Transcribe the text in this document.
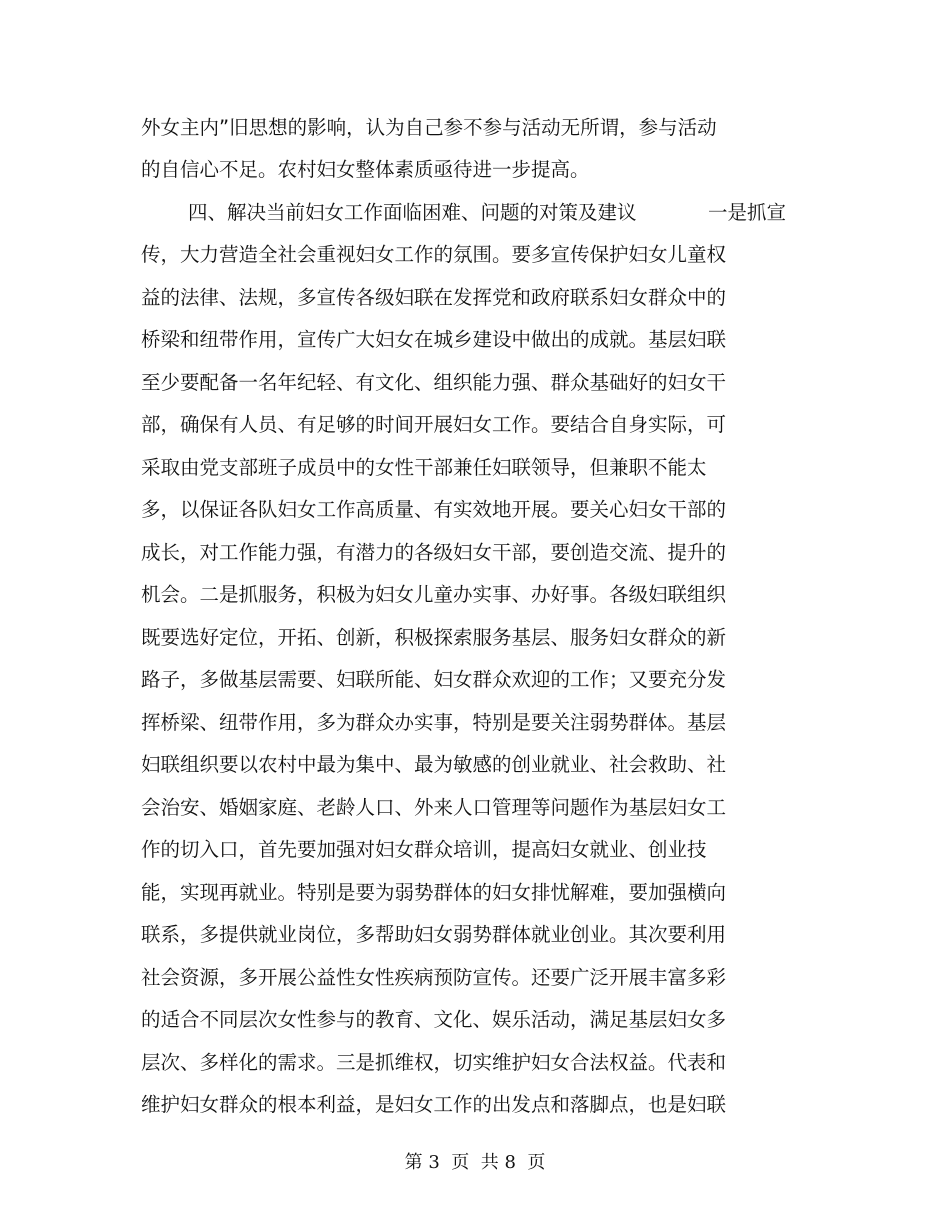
外女主内”旧思想的影响，认为自己参不参与活动无所谓，参与活动
的自信心不足。农村妇女整体素质亟待进一步提高。
四、解决当前妇女工作面临困难、问题的对策及建议	一是抓宣
传，大力营造全社会重视妇女工作的氛围。要多宣传保护妇女儿童权
益的法律、法规，多宣传各级妇联在发挥党和政府联系妇女群众中的
桥梁和纽带作用，宣传广大妇女在城乡建设中做出的成就。基层妇联
至少要配备一名年纪轻、有文化、组织能力强、群众基础好的妇女干
部，确保有人员、有足够的时间开展妇女工作。要结合自身实际，可
采取由党支部班子成员中的女性干部兼任妇联领导，但兼职不能太
多，以保证各队妇女工作高质量、有实效地开展。要关心妇女干部的
成长，对工作能力强，有潜力的各级妇女干部，要创造交流、提升的
机会。二是抓服务，积极为妇女儿童办实事、办好事。各级妇联组织
既要选好定位，开拓、创新，积极探索服务基层、服务妇女群众的新
路子，多做基层需要、妇联所能、妇女群众欢迎的工作；又要充分发
挥桥梁、纽带作用，多为群众办实事，特别是要关注弱势群体。基层
妇联组织要以农村中最为集中、最为敏感的创业就业、社会救助、社
会治安、婚姻家庭、老龄人口、外来人口管理等问题作为基层妇女工
作的切入口，首先要加强对妇女群众培训，提高妇女就业、创业技
能，实现再就业。特别是要为弱势群体的妇女排忧解难，要加强横向
联系，多提供就业岗位，多帮助妇女弱势群体就业创业。其次要利用
社会资源，多开展公益性女性疾病预防宣传。还要广泛开展丰富多彩
的适合不同层次女性参与的教育、文化、娱乐活动，满足基层妇女多
层次、多样化的需求。三是抓维权，切实维护妇女合法权益。代表和
维护妇女群众的根本利益，是妇女工作的出发点和落脚点，也是妇联
第 3  页  共 8  页
